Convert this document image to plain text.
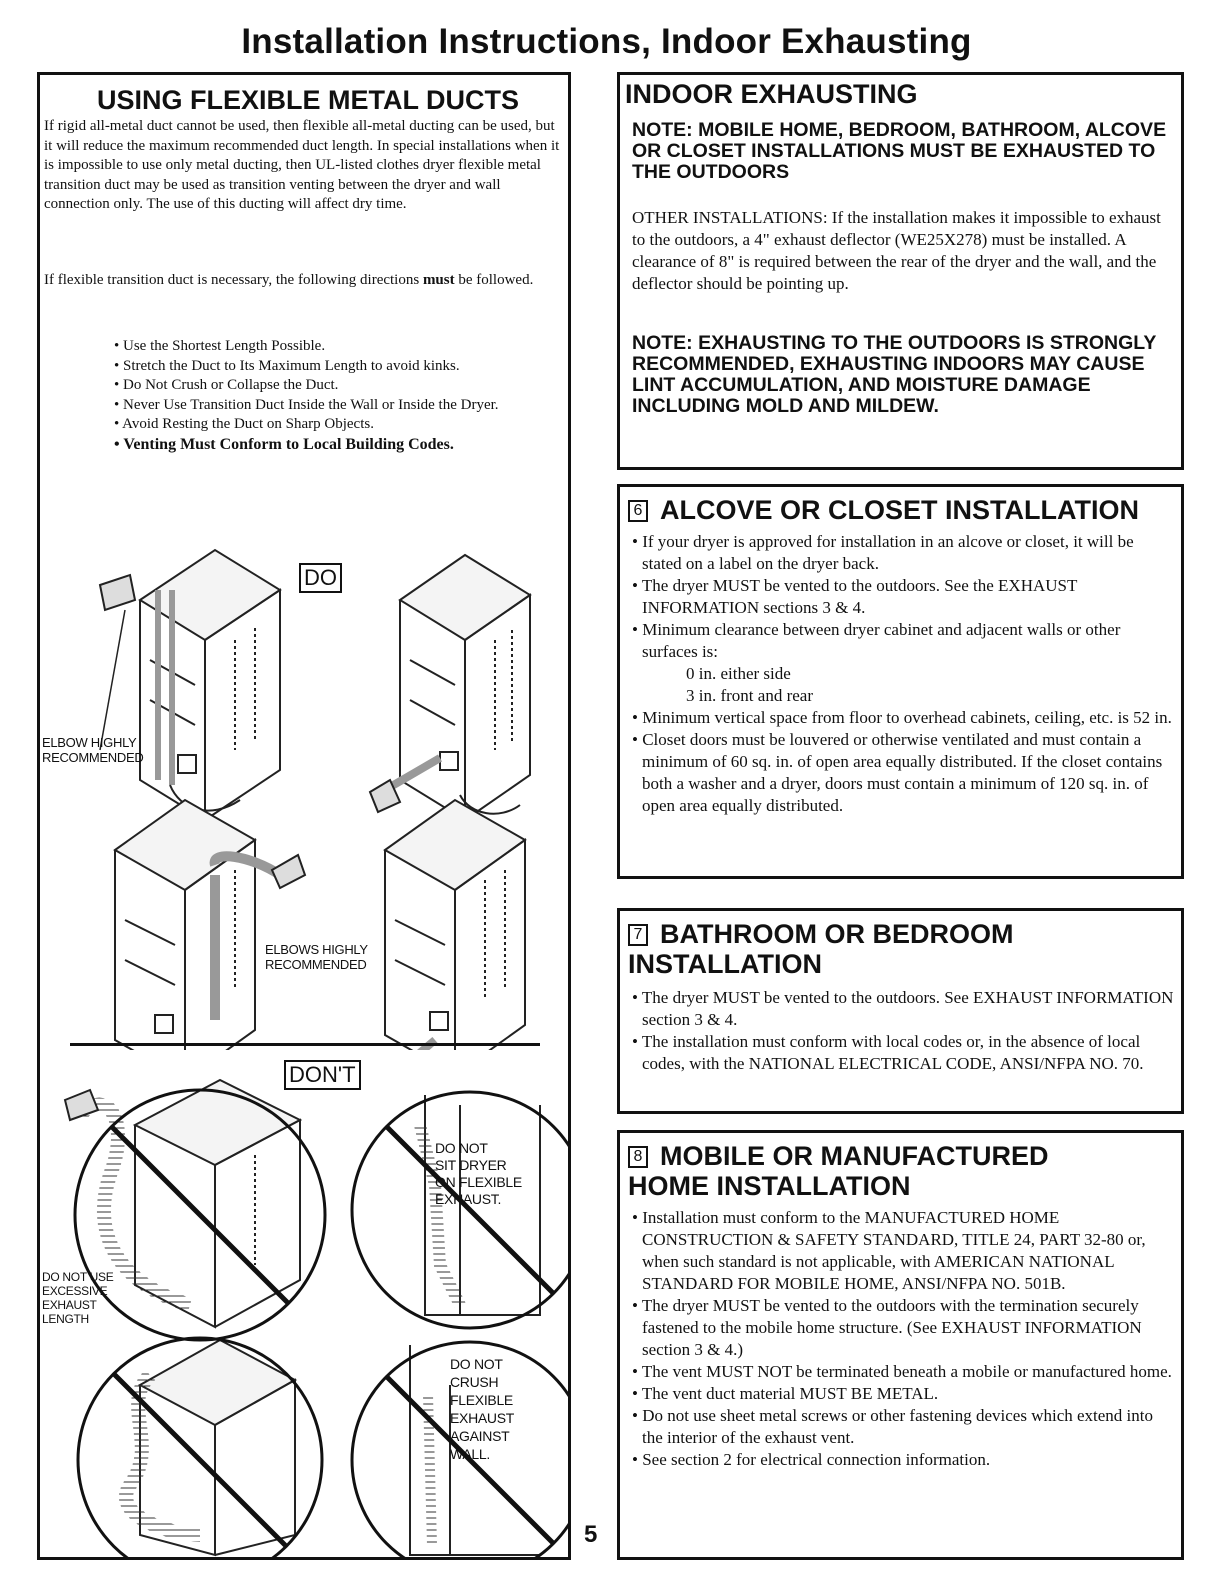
Installation Instructions, Indoor Exhausting
USING FLEXIBLE METAL DUCTS
If rigid all-metal duct cannot be used, then flexible all-metal ducting can be used, but it will reduce the maximum recommended duct length. In special installations when it is impossible to use only metal ducting, then UL-listed clothes dryer flexible metal transition duct may be used as transition venting between the dryer and wall connection only. The use of this ducting will affect dry time.
If flexible transition duct is necessary, the following directions must be followed.
• Use the Shortest Length Possible.
• Stretch the Duct to Its Maximum Length to avoid kinks.
• Do Not Crush or Collapse the Duct.
• Never Use Transition Duct Inside the Wall or Inside the Dryer.
• Avoid Resting the Duct on Sharp Objects.
• Venting Must Conform to Local Building Codes.
DO
ELBOW HIGHLY
RECOMMENDED
ELBOWS HIGHLY
RECOMMENDED
DON'T
DO NOT
SIT DRYER
ON FLEXIBLE
EXHAUST.
DO NOT USE
EXCESSIVE
EXHAUST
LENGTH
DO NOT
CRUSH
FLEXIBLE
EXHAUST
AGAINST
WALL.
INDOOR EXHAUSTING
NOTE: MOBILE HOME, BEDROOM, BATHROOM, ALCOVE OR CLOSET INSTALLATIONS MUST BE EXHAUSTED TO THE OUTDOORS
OTHER INSTALLATIONS: If the installation makes it impossible to exhaust to the outdoors, a 4" exhaust deflector (WE25X278) must be installed. A clearance of 8" is required between the rear of the dryer and the wall, and the deflector should be pointing up.
NOTE: EXHAUSTING TO THE OUTDOORS IS STRONGLY RECOMMENDED, EXHAUSTING INDOORS MAY CAUSE LINT ACCUMULATION, AND MOISTURE DAMAGE INCLUDING MOLD AND MILDEW.
6 ALCOVE OR CLOSET INSTALLATION
• If your dryer is approved for installation in an alcove or closet, it will be stated on a label on the dryer back.
• The dryer MUST be vented to the outdoors. See the EXHAUST INFORMATION sections 3 & 4.
• Minimum clearance between dryer cabinet and adjacent walls or other surfaces is:
0 in. either side
3 in. front and rear
• Minimum vertical space from floor to overhead cabinets, ceiling, etc. is 52 in.
• Closet doors must be louvered or otherwise ventilated and must contain a minimum of 60 sq. in. of open area equally distributed. If the closet contains both a washer and a dryer, doors must contain a minimum of 120 sq. in. of open area equally distributed.
7 BATHROOM OR BEDROOM INSTALLATION
• The dryer MUST be vented to the outdoors. See EXHAUST INFORMATION section 3 & 4.
• The installation must conform with local codes or, in the absence of local codes, with the NATIONAL ELECTRICAL CODE, ANSI/NFPA NO. 70.
8 MOBILE OR MANUFACTURED HOME INSTALLATION
• Installation must conform to the MANUFACTURED HOME CONSTRUCTION & SAFETY STANDARD, TITLE 24, PART 32-80 or, when such standard is not applicable, with AMERICAN NATIONAL STANDARD FOR MOBILE HOME, ANSI/NFPA NO. 501B.
• The dryer MUST be vented to the outdoors with the termination securely fastened to the mobile home structure. (See EXHAUST INFORMATION section 3 & 4.)
• The vent MUST NOT be terminated beneath a mobile or manufactured home.
• The vent duct material MUST BE METAL.
• Do not use sheet metal screws or other fastening devices which extend into the interior of the exhaust vent.
• See section 2 for electrical connection information.
5
